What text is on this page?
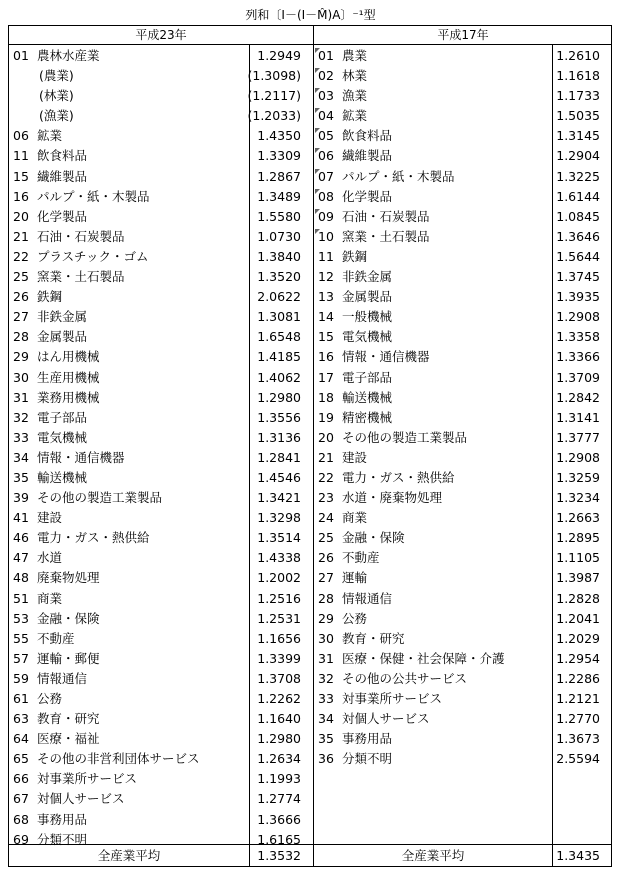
列和〔I－(I－M̂)A〕⁻¹型
平成23年
01 農林水産業	1.2949
(農業)	(1.3098)
(林業)	(1.2117)
(漁業)	(1.2033)
06 鉱業	1.4350
11 飲食料品	1.3309
15 繊維製品	1.2867
16 パルプ・紙・木製品	1.3489
20 化学製品	1.5580
21 石油・石炭製品	1.0730
22 プラスチック・ゴム	1.3840
25 窯業・土石製品	1.3520
26 鉄鋼	2.0622
27 非鉄金属	1.3081
28 金属製品	1.6548
29 はん用機械	1.4185
30 生産用機械	1.4062
31 業務用機械	1.2980
32 電子部品	1.3556
33 電気機械	1.3136
34 情報・通信機器	1.2841
35 輸送機械	1.4546
39 その他の製造工業製品	1.3421
41 建設	1.3298
46 電力・ガス・熱供給	1.3514
47 水道	1.4338
48 廃棄物処理	1.2002
51 商業	1.2516
53 金融・保険	1.2531
55 不動産	1.1656
57 運輸・郵便	1.3399
59 情報通信	1.3708
61 公務	1.2262
63 教育・研究	1.1640
64 医療・福祉	1.2980
65 その他の非営利団体サービス	1.2634
66 対事業所サービス	1.1993
67 対個人サービス	1.2774
68 事務用品	1.3666
69 分類不明	1.6165
全産業平均	1.3532
平成17年
01 農業	1.2610
02 林業	1.1618
03 漁業	1.1733
04 鉱業	1.5035
05 飲食料品	1.3145
06 繊維製品	1.2904
07 パルプ・紙・木製品	1.3225
08 化学製品	1.6144
09 石油・石炭製品	1.0845
10 窯業・土石製品	1.3646
11 鉄鋼	1.5644
12 非鉄金属	1.3745
13 金属製品	1.3935
14 一般機械	1.2908
15 電気機械	1.3358
16 情報・通信機器	1.3366
17 電子部品	1.3709
18 輸送機械	1.2842
19 精密機械	1.3141
20 その他の製造工業製品	1.3777
21 建設	1.2908
22 電力・ガス・熱供給	1.3259
23 水道・廃棄物処理	1.3234
24 商業	1.2663
25 金融・保険	1.2895
26 不動産	1.1105
27 運輸	1.3987
28 情報通信	1.2828
29 公務	1.2041
30 教育・研究	1.2029
31 医療・保健・社会保障・介護	1.2954
32 その他の公共サービス	1.2286
33 対事業所サービス	1.2121
34 対個人サービス	1.2770
35 事務用品	1.3673
36 分類不明	2.5594
全産業平均	1.3435
